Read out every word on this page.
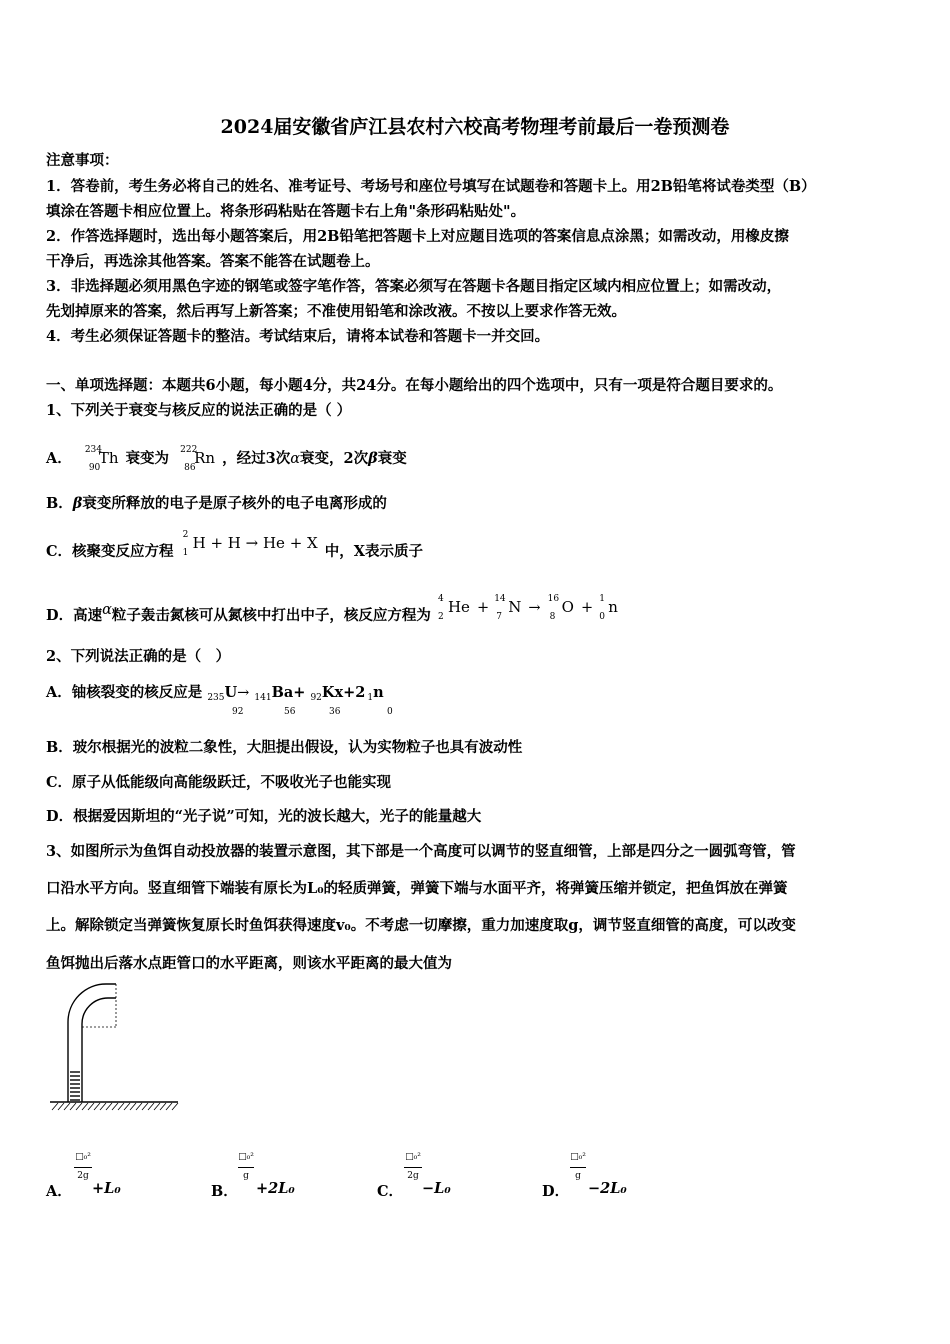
2024届安徽省庐江县农村六校高考物理考前最后一卷预测卷
注意事项：
1．答卷前，考生务必将自己的姓名、准考证号、考场号和座位号填写在试题卷和答题卡上。用2B铅笔将试卷类型（B）
填涂在答题卡相应位置上。将条形码粘贴在答题卡右上角"条形码粘贴处"。
2．作答选择题时，选出每小题答案后，用2B铅笔把答题卡上对应题目选项的答案信息点涂黑；如需改动，用橡皮擦
干净后，再选涂其他答案。答案不能答在试题卷上。
3．非选择题必须用黑色字迹的钢笔或签字笔作答，答案必须写在答题卡各题目指定区域内相应位置上；如需改动，
先划掉原来的答案，然后再写上新答案；不准使用铅笔和涂改液。不按以上要求作答无效。
4．考生必须保证答题卡的整洁。考试结束后，请将本试卷和答题卡一并交回。
一、单项选择题：本题共6小题，每小题4分，共24分。在每小题给出的四个选项中，只有一项是符合题目要求的。
1、下列关于衰变与核反应的说法正确的是（ ）
A． 234
90
Th 衰变为 222
86
Rn ，经过3次α衰变，2次β衰变
B．β衰变所释放的电子是原子核外的电子电离形成的
C．核聚变反应方程
2
1
H + H → He + X 中，X表示质子
D．高速α粒子轰击氮核可从氮核中打出中子，核反应方程为
4
2
He +
14
7
N →
16
8
O +
1
0
n
2、下列说法正确的是（　）
A．铀核裂变的核反应是 $_{235}$U→ $_{141}$Ba+ $_{92}$Kx+2 $_1$n
92	56	36	0
B．玻尔根据光的波粒二象性，大胆提出假设，认为实物粒子也具有波动性
C．原子从低能级向高能级跃迁，不吸收光子也能实现
D．根据爱因斯坦的“光子说”可知，光的波长越大，光子的能量越大
3、如图所示为鱼饵自动投放器的装置示意图，其下部是一个高度可以调节的竖直细管，上部是四分之一圆弧弯管，管
口沿水平方向。竖直细管下端装有原长为L₀的轻质弹簧，弹簧下端与水面平齐，将弹簧压缩并锁定，把鱼饵放在弹簧
上。解除锁定当弹簧恢复原长时鱼饵获得速度v₀。不考虑一切摩擦，重力加速度取g，调节竖直细管的高度，可以改变
鱼饵抛出后落水点距管口的水平距离，则该水平距离的最大值为
A．
□₀²
2g
+L₀	B．
□₀²
g
+2L₀	C．
□₀²
2g
−L₀	D．
□₀²
g
−2L₀
